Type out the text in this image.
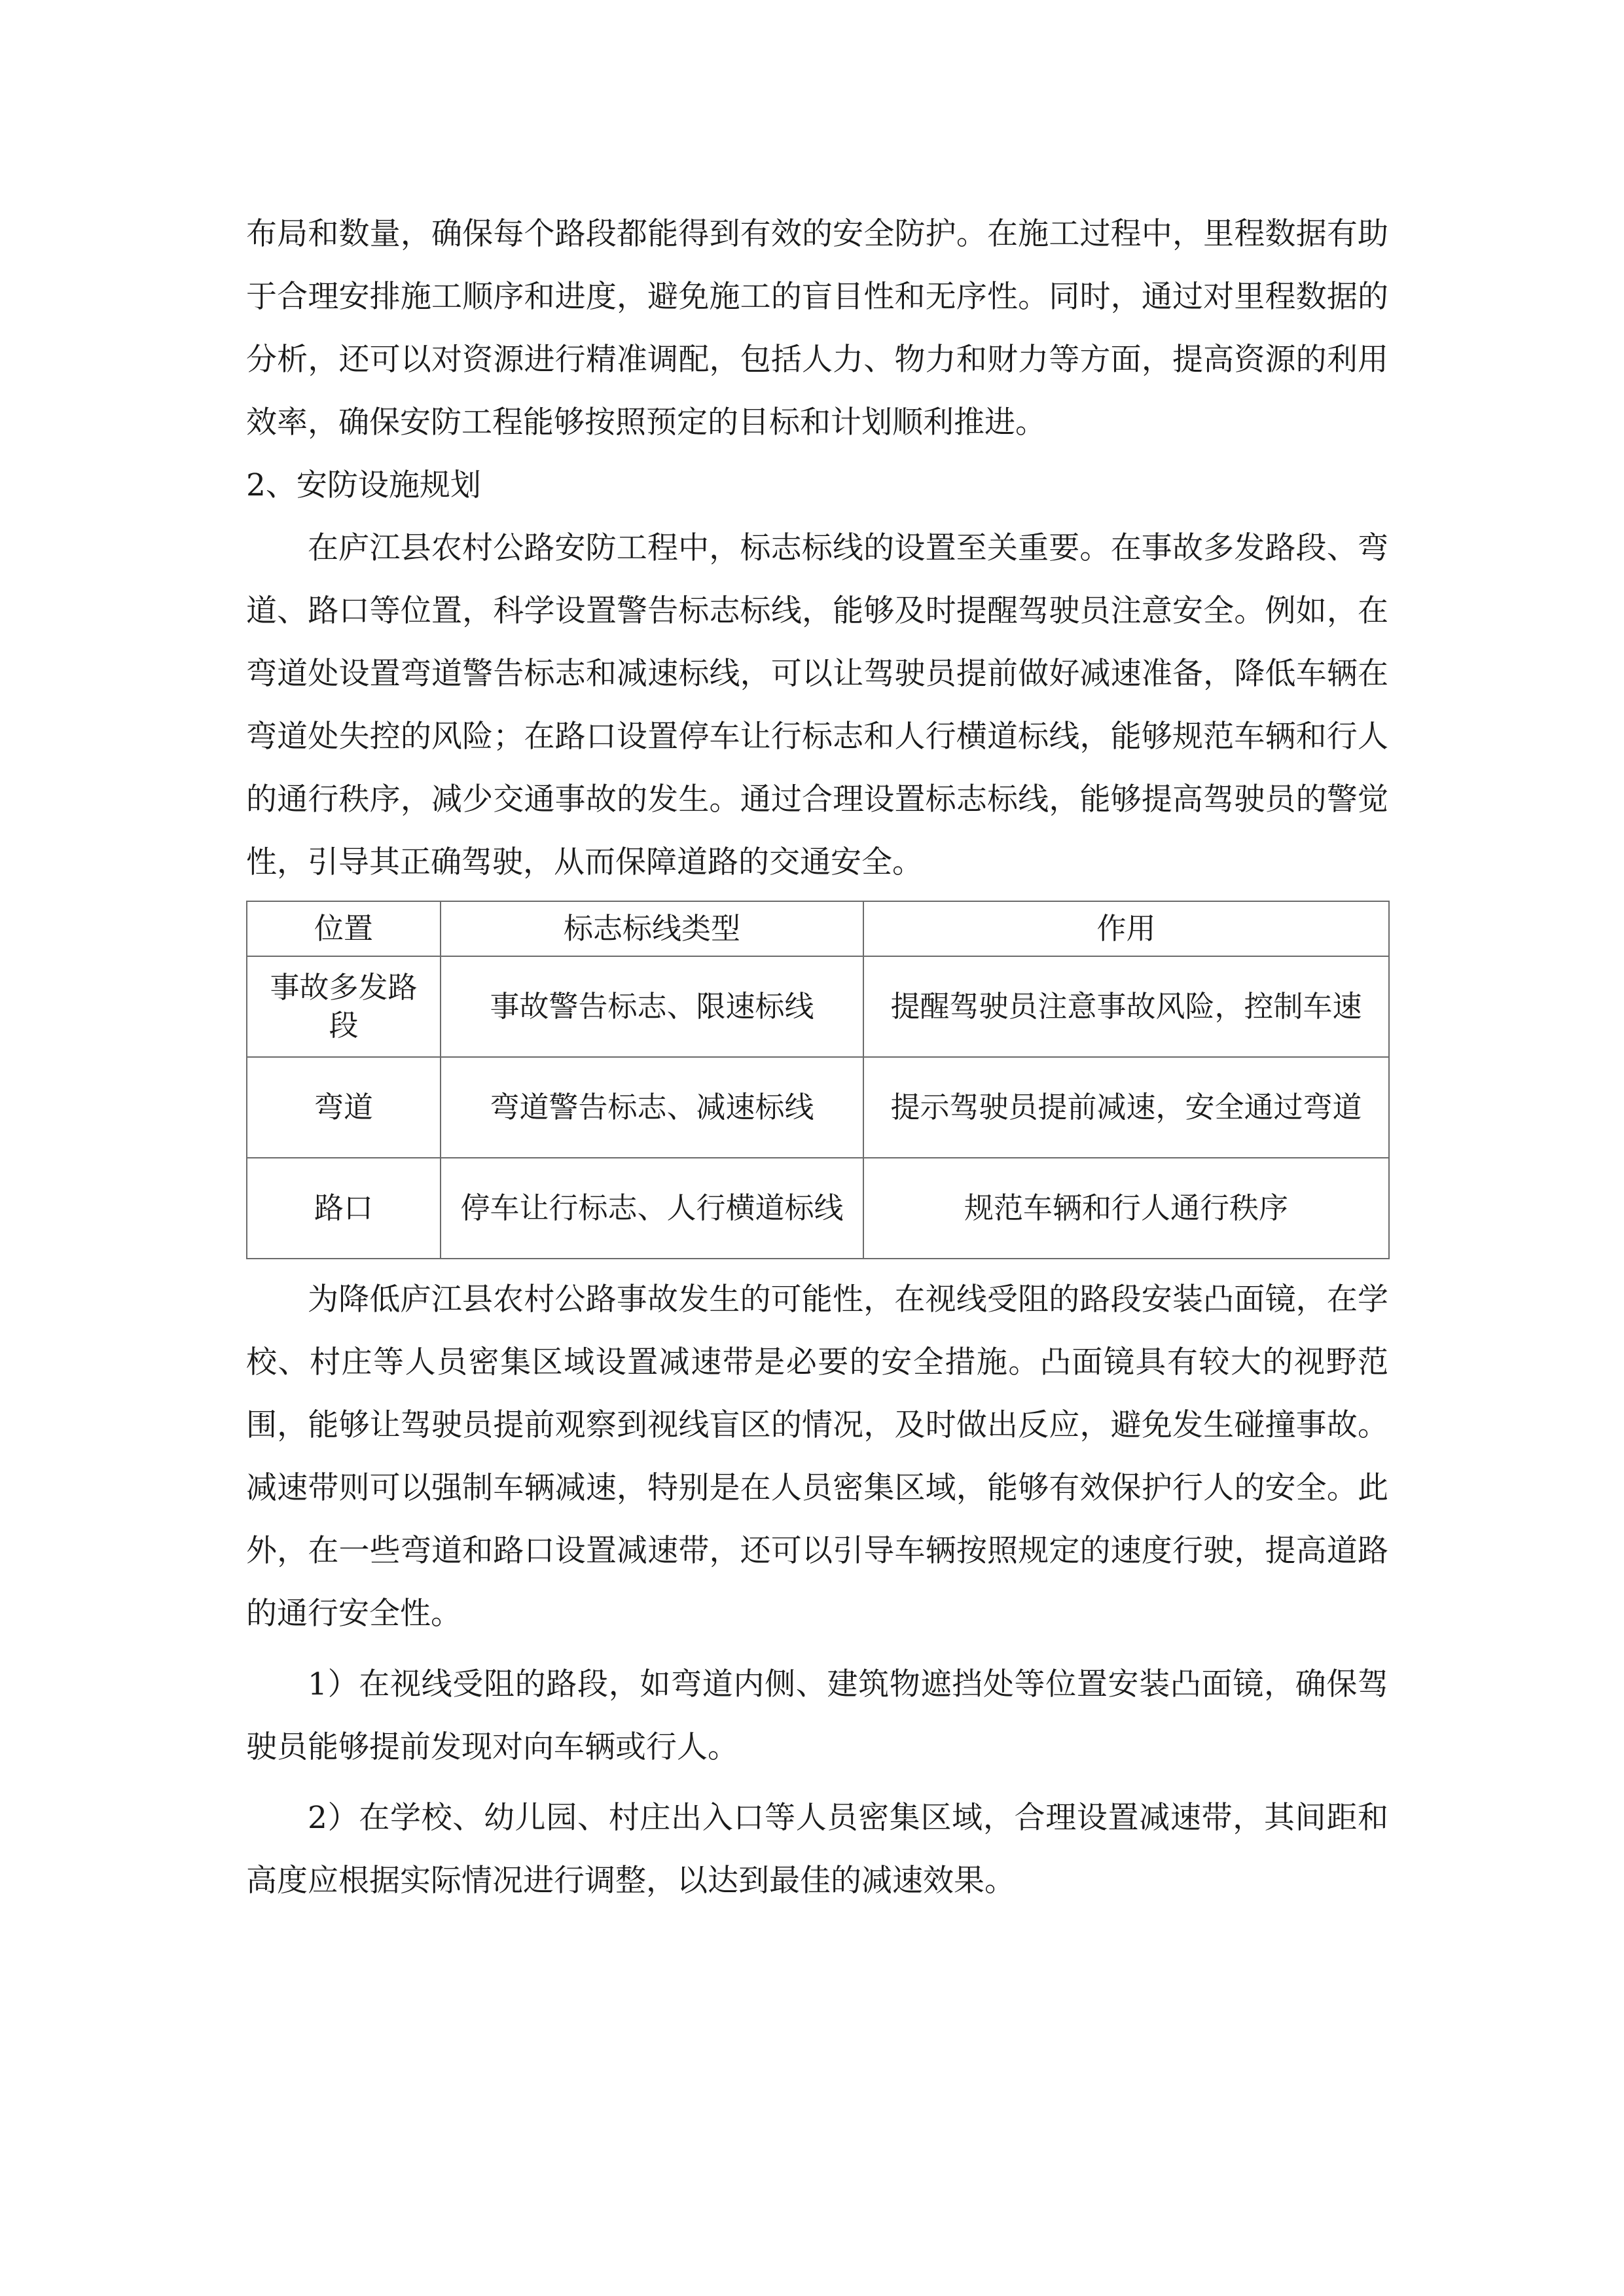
布局和数量，确保每个路段都能得到有效的安全防护。在施工过程中，里程数据有助于合理安排施工顺序和进度，避免施工的盲目性和无序性。同时，通过对里程数据的分析，还可以对资源进行精准调配，包括人力、物力和财力等方面，提高资源的利用效率，确保安防工程能够按照预定的目标和计划顺利推进。

2、安防设施规划

在庐江县农村公路安防工程中，标志标线的设置至关重要。在事故多发路段、弯道、路口等位置，科学设置警告标志标线，能够及时提醒驾驶员注意安全。例如，在弯道处设置弯道警告标志和减速标线，可以让驾驶员提前做好减速准备，降低车辆在弯道处失控的风险；在路口设置停车让行标志和人行横道标线，能够规范车辆和行人的通行秩序，减少交通事故的发生。通过合理设置标志标线，能够提高驾驶员的警觉性，引导其正确驾驶，从而保障道路的交通安全。

位置	标志标线类型	作用
事故多发路段	事故警告标志、限速标线	提醒驾驶员注意事故风险，控制车速
弯道	弯道警告标志、减速标线	提示驾驶员提前减速，安全通过弯道
路口	停车让行标志、人行横道标线	规范车辆和行人通行秩序

为降低庐江县农村公路事故发生的可能性，在视线受阻的路段安装凸面镜，在学校、村庄等人员密集区域设置减速带是必要的安全措施。凸面镜具有较大的视野范围，能够让驾驶员提前观察到视线盲区的情况，及时做出反应，避免发生碰撞事故。减速带则可以强制车辆减速，特别是在人员密集区域，能够有效保护行人的安全。此外，在一些弯道和路口设置减速带，还可以引导车辆按照规定的速度行驶，提高道路的通行安全性。

1）在视线受阻的路段，如弯道内侧、建筑物遮挡处等位置安装凸面镜，确保驾驶员能够提前发现对向车辆或行人。

2）在学校、幼儿园、村庄出入口等人员密集区域，合理设置减速带，其间距和高度应根据实际情况进行调整，以达到最佳的减速效果。
